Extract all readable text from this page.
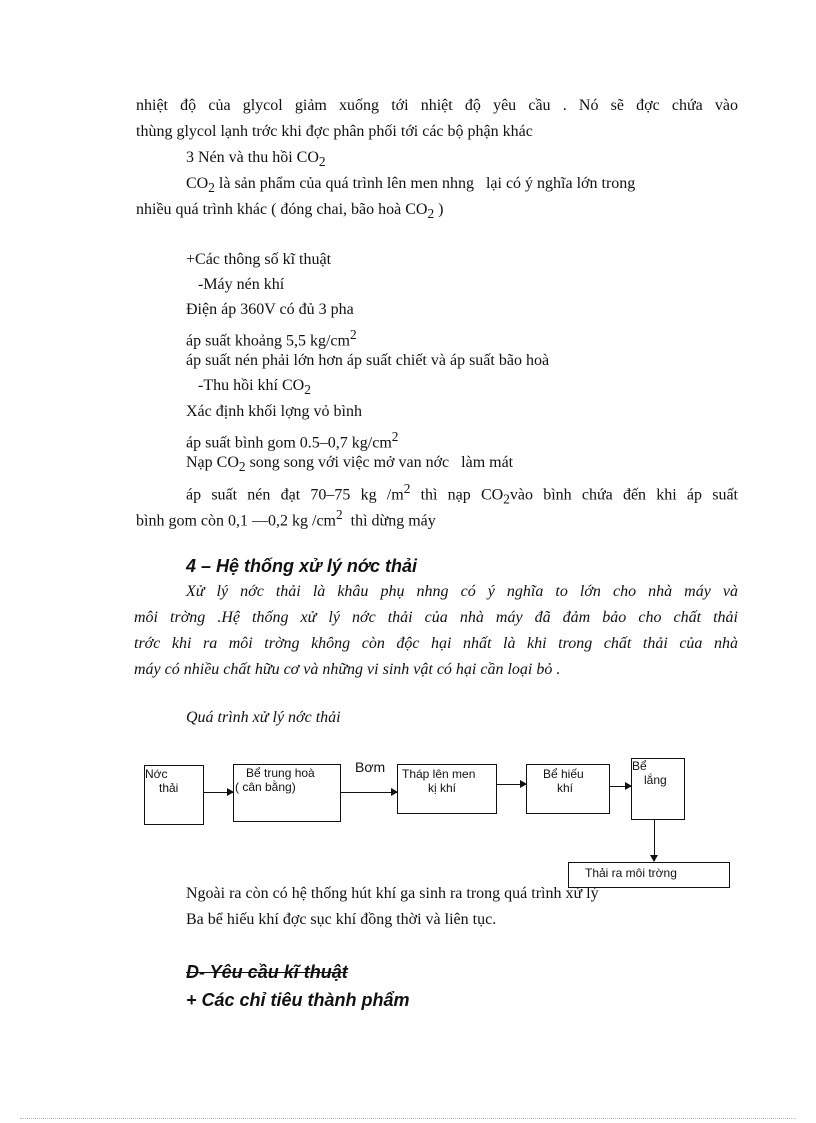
nhiệt độ của glycol giảm xuống tới nhiệt độ yêu cầu . Nó sẽ đợc chứa vào
thùng glycol lạnh trớc khi đợc phân phối tới các bộ phận khác
3 Nén và thu hồi $CO_2$
$CO_2$ là sản phẩm của quá trình lên men nhng   lại có ý nghĩa lớn trong
nhiều quá trình khác ( đóng chai, bão hoà $CO_2$ )
+Các thông số kĩ thuật
-Máy nén khí
Điện áp 360V có đủ 3 pha
áp suất khoảng 5,5 $kg/cm^2$
áp suất nén phải lớn hơn áp suất chiết và áp suất bão hoà
-Thu hồi khí $CO_2$
Xác định khối lợng vỏ bình
áp suất bình gom 0.5–0,7 $kg/cm^2$
Nạp $CO_2$ song song với việc mở van nớc   làm mát
áp suất nén đạt 70–75 kg $/m^2$ thì nạp $CO_2vào$ bình chứa đến khi áp suất
bình gom còn 0,1 —0,2 kg $/cm^2$  thì dừng máy
4 – Hệ thống xử lý nớc thải
Xử lý nớc thải là khâu phụ nhng có ý nghĩa to lớn cho nhà máy và
môi trờng .Hệ thống xử lý nớc thải của nhà máy đã đảm bảo cho chất thải
trớc khi ra môi trờng không còn độc hại nhất là khi trong chất thải của nhà
máy có nhiều chất hữu cơ và những vi sinh vật có hại cần loại bỏ .
Quá trình xử lý nớc thải
Nớc
thải
Bể trung hoà
( cân bằng)
Bơm Tháp lên men
kị khí
Bể hiếu
khí
Bể
lắng
Thải ra môi trờng
Ngoài ra còn có hệ thống hút khí ga sinh ra trong quá trình xử lý
Ba bể hiếu khí đợc sục khí đồng thời và liên tục.
D- Yêu cầu kĩ thuật
+ Các chỉ tiêu thành phẩm
